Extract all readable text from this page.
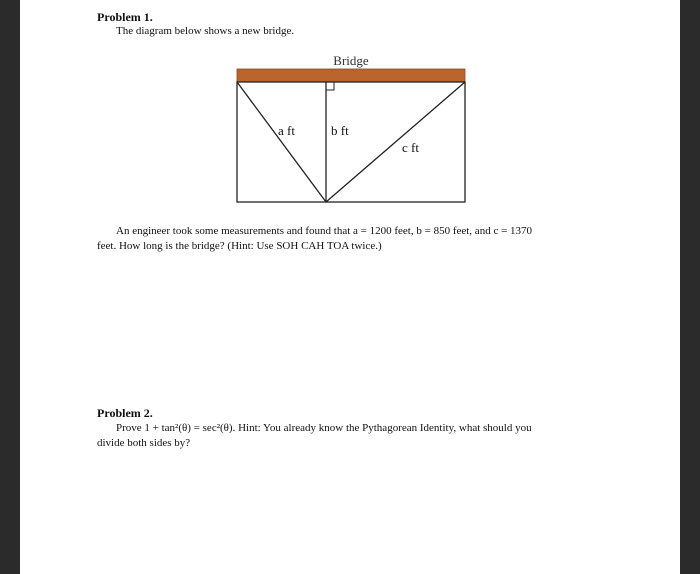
Problem 1.
The diagram below shows a new bridge.
Bridge
a ft	b ft
c ft
An engineer took some measurements and found that a = 1200 feet, b = 850 feet, and c = 1370
feet. How long is the bridge? (Hint: Use SOH CAH TOA twice.)
Problem 2.
Prove 1 + tan²(θ) = sec²(θ). Hint: You already know the Pythagorean Identity, what should you
divide both sides by?
